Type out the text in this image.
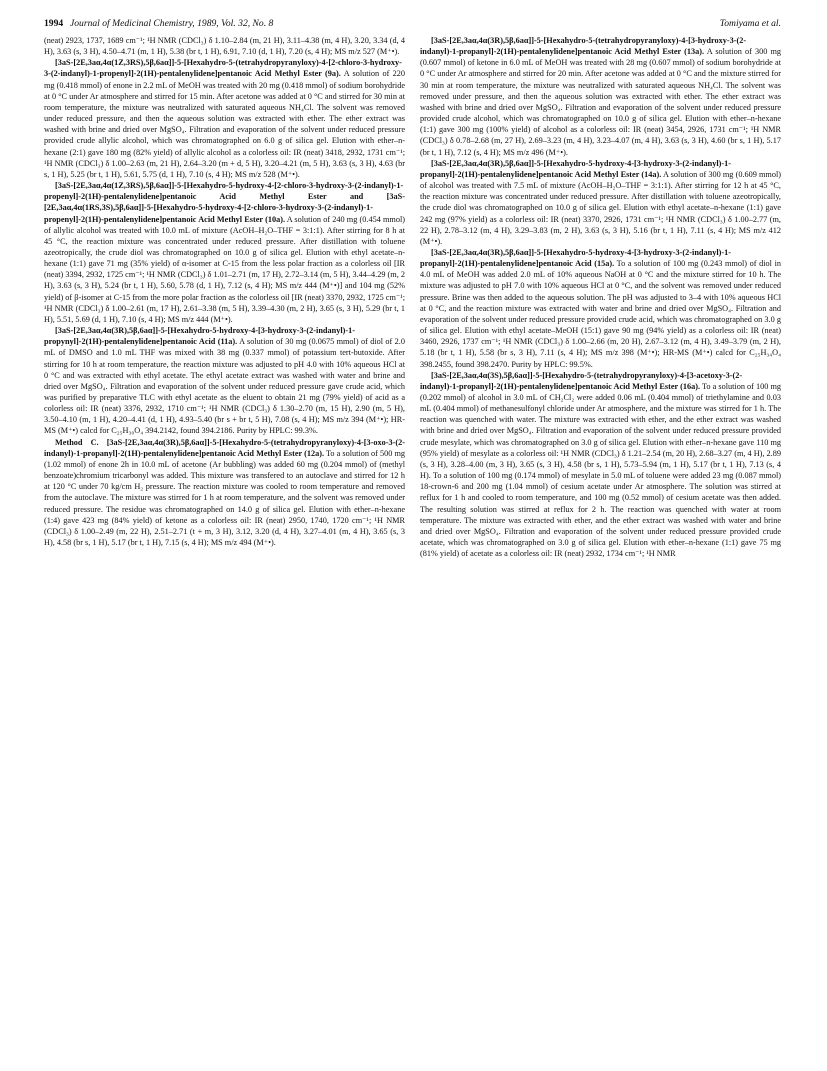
1994 Journal of Medicinal Chemistry, 1989, Vol. 32, No. 8	Tomiyama et al.

(neat) 2923, 1737, 1689 cm⁻¹; ¹H NMR (CDCl₃) δ 1.10–2.84 (m, 21 H), 3.11–4.38 (m, 4 H), 3.20, 3.34 (d, 4 H), 3.63 (s, 3 H), 4.50–4.71 (m, 1 H), 5.38 (br t, 1 H), 6.91, 7.10 (d, 1 H), 7.20 (s, 4 H); MS m/z 527 (M⁺•).

[3aS-[2E,3aα,4α(1Z,3RS),5β,6aα]]-5-[Hexahydro-5-(tetrahydropyranyloxy)-4-[2-chloro-3-hydroxy-3-(2-indanyl)-1-propenyl]-2(1H)-pentalenylidene]pentanoic Acid Methyl Ester (9a). A solution of 220 mg (0.418 mmol) of enone in 2.2 mL of MeOH was treated with 20 mg (0.418 mmol) of sodium borohydride at 0 °C under Ar atmosphere and stirred for 15 min. After acetone was added at 0 °C and stirred for 30 min at room temperature, the mixture was neutralized with saturated aqueous NH₄Cl. The solvent was removed under reduced pressure, and then the aqueous solution was extracted with ether. The ether extract was washed with brine and dried over MgSO₄. Filtration and evaporation of the solvent under reduced pressure provided crude allylic alcohol, which was chromatographed on 6.0 g of silica gel. Elution with ether–n-hexane (2:1) gave 180 mg (82% yield) of allylic alcohol as a colorless oil: IR (neat) 3418, 2932, 1731 cm⁻¹; ¹H NMR (CDCl₃) δ 1.00–2.63 (m, 21 H), 2.64–3.20 (m + d, 5 H), 3.20–4.21 (m, 5 H), 3.63 (s, 3 H), 4.63 (br s, 1 H), 5.25 (br t, 1 H), 5.61, 5.75 (d, 1 H), 7.10 (s, 4 H); MS m/z 528 (M⁺•).

[3aS-[2E,3aα,4α(1Z,3RS),5β,6aα]]-5-[Hexahydro-5-hydroxy-4-[2-chloro-3-hydroxy-3-(2-indanyl)-1-propenyl]-2(1H)-pentalenylidene]pentanoic Acid Methyl Ester and [3aS-[2E,3aα,4α(1RS,3S),5β,6aα]]-5-[Hexahydro-5-hydroxy-4-[2-chloro-3-hydroxy-3-(2-indanyl)-1-propenyl]-2(1H)-pentalenylidene]pentanoic Acid Methyl Ester (10a). A solution of 240 mg (0.454 mmol) of allylic alcohol was treated with 10.0 mL of mixture (AcOH–H₂O–THF = 3:1:1). After stirring for 8 h at 45 °C, the reaction mixture was concentrated under reduced pressure. After distillation with toluene azeotropically, the crude diol was chromatographed on 10.0 g of silica gel. Elution with ethyl acetate–n-hexane (1:1) gave 71 mg (35% yield) of α-isomer at C-15 from the less polar fraction as a colorless oil [IR (neat) 3394, 2932, 1725 cm⁻¹; ¹H NMR (CDCl₃) δ 1.01–2.71 (m, 17 H), 2.72–3.14 (m, 5 H), 3.44–4.29 (m, 2 H), 3.63 (s, 3 H), 5.24 (br t, 1 H), 5.60, 5.78 (d, 1 H), 7.12 (s, 4 H); MS m/z 444 (M⁺•)] and 104 mg (52% yield) of β-isomer at C-15 from the more polar fraction as the colorless oil [IR (neat) 3370, 2932, 1725 cm⁻¹; ¹H NMR (CDCl₃) δ 1.00–2.61 (m, 17 H), 2.61–3.38 (m, 5 H), 3.39–4.30 (m, 2 H), 3.65 (s, 3 H), 5.29 (br t, 1 H), 5.51, 5.69 (d, 1 H), 7.10 (s, 4 H); MS m/z 444 (M⁺•).

[3aS-[2E,3aα,4α(3R),5β,6aα]]-5-[Hexahydro-5-hydroxy-4-[3-hydroxy-3-(2-indanyl)-1-propynyl]-2(1H)-pentalenylidene]pentanoic Acid (11a). A solution of 30 mg (0.0675 mmol) of diol of 2.0 mL of DMSO and 1.0 mL THF was mixed with 38 mg (0.337 mmol) of potassium tert-butoxide. After stirring for 10 h at room temperature, the reaction mixture was adjusted to pH 4.0 with 10% aqueous HCl at 0 °C and was extracted with ethyl acetate. The ethyl acetate extract was washed with water and brine and dried over MgSO₄. Filtration and evaporation of the solvent under reduced pressure gave crude acid, which was purified by preparative TLC with ethyl acetate as the eluent to obtain 21 mg (79% yield) of acid as a colorless oil: IR (neat) 3376, 2932, 1710 cm⁻¹; ¹H NMR (CDCl₃) δ 1.30–2.70 (m, 15 H), 2.90 (m, 5 H), 3.50–4.10 (m, 1 H), 4.20–4.41 (d, 1 H), 4.93–5.40 (br s + br t, 5 H), 7.08 (s, 4 H); MS m/z 394 (M⁺•); HR-MS (M⁺•) calcd for C₂₅H₃₀O₄ 394.2142, found 394.2186. Purity by HPLC: 99.3%.

Method C. [3aS-[2E,3aα,4α(3R),5β,6aα]]-5-[Hexahydro-5-(tetrahydropyranyloxy)-4-[3-oxo-3-(2-indanyl)-1-propanyl]-2(1H)-pentalenylidene]pentanoic Acid Methyl Ester (12a). To a solution of 500 mg (1.02 mmol) of enone 2h in 10.0 mL of acetone (Ar bubbling) was added 60 mg (0.204 mmol) of (methyl benzoate)chromium tricarbonyl was added. This mixture was transfered to an autoclave and stirred for 12 h at 120 °C under 70 kg/cm H₂ pressure. The reaction mixture was cooled to room temperature and removed from the autoclave. The mixture was stirred for 1 h at room temperature, and the solvent was removed under reduced pressure. The residue was chromatographed on 14.0 g of silica gel. Elution with ether–n-hexane (1:4) gave 423 mg (84% yield) of ketone as a colorless oil: IR (neat) 2950, 1740, 1720 cm⁻¹; ¹H NMR (CDCl₃) δ 1.00–2.49 (m, 22 H), 2.51–2.71 (t + m, 3 H), 3.12, 3.20 (d, 4 H), 3.27–4.01 (m, 4 H), 3.65 (s, 3 H), 4.58 (br s, 1 H), 5.17 (br t, 1 H), 7.15 (s, 4 H); MS m/z 494 (M⁺•).

[3aS-[2E,3aα,4α(3R),5β,6aα]]-5-[Hexahydro-5-(tetrahydropyranyloxy)-4-[3-hydroxy-3-(2-indanyl)-1-propanyl]-2(1H)-pentalenylidene]pentanoic Acid Methyl Ester (13a). A solution of 300 mg (0.607 mmol) of ketone in 6.0 mL of MeOH was treated with 28 mg (0.607 mmol) of sodium borohydride at 0 °C under Ar atmosphere and stirred for 20 min. After acetone was added at 0 °C and the mixture stirred for 30 min at room temperature, the mixture was neutralized with saturated aqueous NH₄Cl. The solvent was removed under pressure, and then the aqueous solution was extracted with ether. The ether extract was washed with brine and dried over MgSO₄. Filtration and evaporation of the solvent under reduced pressure provided crude alcohol, which was chromatographed on 10.0 g of silica gel. Elution with ether–n-hexane (1:1) gave 300 mg (100% yield) of alcohol as a colorless oil: IR (neat) 3454, 2926, 1731 cm⁻¹; ¹H NMR (CDCl₃) δ 0.78–2.68 (m, 27 H), 2.69–3.23 (m, 4 H), 3.23–4.07 (m, 4 H), 3.63 (s, 3 H), 4.60 (br s, 1 H), 5.17 (br t, 1 H), 7.12 (s, 4 H); MS m/z 496 (M⁺•).

[3aS-[2E,3aα,4α(3R),5β,6aα]]-5-[Hexahydro-5-hydroxy-4-[3-hydroxy-3-(2-indanyl)-1-propanyl]-2(1H)-pentalenylidene]pentanoic Acid Methyl Ester (14a). A solution of 300 mg (0.609 mmol) of alcohol was treated with 7.5 mL of mixture (AcOH–H₂O–THF = 3:1:1). After stirring for 12 h at 45 °C, the reaction mixture was concentrated under reduced pressure. After distillation with toluene azeotropically, the crude diol was chromatographed on 10.0 g of silica gel. Elution with ethyl acetate–n-hexane (1:1) gave 242 mg (97% yield) as a colorless oil: IR (neat) 3370, 2926, 1731 cm⁻¹; ¹H NMR (CDCl₃) δ 1.00–2.77 (m, 22 H), 2.78–3.12 (m, 4 H), 3.29–3.83 (m, 2 H), 3.63 (s, 3 H), 5.16 (br t, 1 H), 7.11 (s, 4 H); MS m/z 412 (M⁺•).

[3aS-[2E,3aα,4α(3R),5β,6aα]]-5-[Hexahydro-5-hydroxy-4-[3-hydroxy-3-(2-indanyl)-1-propanyl]-2(1H)-pentalenylidene]pentanoic Acid (15a). To a solution of 100 mg (0.243 mmol) of diol in 4.0 mL of MeOH was added 2.0 mL of 10% aqueous NaOH at 0 °C and the mixture stirred for 10 h. The mixture was adjusted to pH 7.0 with 10% aqueous HCl at 0 °C, and the solvent was removed under reduced pressure. Brine was then added to the aqueous solution. The pH was adjusted to 3–4 with 10% aqueous HCl at 0 °C, and the reaction mixture was extracted with water and brine and dried over MgSO₄. Filtration and evaporation of the solvent under reduced pressure provided crude acid, which was chromatographed on 3.0 g of silica gel. Elution with ethyl acetate–MeOH (15:1) gave 90 mg (94% yield) as a colorless oil: IR (neat) 3460, 2926, 1737 cm⁻¹; ¹H NMR (CDCl₃) δ 1.00–2.66 (m, 20 H), 2.67–3.12 (m, 4 H), 3.49–3.79 (m, 2 H), 5.18 (br t, 1 H), 5.58 (br s, 3 H), 7.11 (s, 4 H); MS m/z 398 (M⁺•); HR-MS (M⁺•) calcd for C₂₅H₃₄O₄ 398.2455, found 398.2470. Purity by HPLC: 99.5%.

[3aS-[2E,3aα,4α(3S),5β,6aα]]-5-[Hexahydro-5-(tetrahydropyranyloxy)-4-[3-acetoxy-3-(2-indanyl)-1-propanyl]-2(1H)-pentalenylidene]pentanoic Acid Methyl Ester (16a). To a solution of 100 mg (0.202 mmol) of alcohol in 3.0 mL of CH₂Cl₂ were added 0.06 mL (0.404 mmol) of triethylamine and 0.03 mL (0.404 mmol) of methanesulfonyl chloride under Ar atmosphere, and the mixture was stirred for 1 h. The reaction was quenched with water. The mixture was extracted with ether, and the ether extract was washed with brine and dried over MgSO₄. Filtration and evaporation of the solvent under reduced pressure provided crude mesylate, which was chromatographed on 3.0 g of silica gel. Elution with ether–n-hexane gave 110 mg (95% yield) of mesylate as a colorless oil: ¹H NMR (CDCl₃) δ 1.21–2.54 (m, 20 H), 2.68–3.27 (m, 4 H), 2.89 (s, 3 H), 3.28–4.00 (m, 3 H), 3.65 (s, 3 H), 4.58 (br s, 1 H), 5.73–5.94 (m, 1 H), 5.17 (br t, 1 H), 7.13 (s, 4 H). To a solution of 100 mg (0.174 mmol) of mesylate in 5.0 mL of toluene were added 23 mg (0.087 mmol) 18-crown-6 and 200 mg (1.04 mmol) of cesium acetate under Ar atmosphere. The solution was stirred at reflux for 1 h and cooled to room temperature, and 100 mg (0.52 mmol) of cesium acetate was then added. The resulting solution was stirred at reflux for 2 h. The reaction was quenched with water at room temperature. The mixture was extracted with ether, and the ether extract was washed with water and brine and dried over MgSO₄. Filtration and evaporation of the solvent under reduced pressure provided crude acetate, which was chromatographed on 3.0 g of silica gel. Elution with ether–n-hexane (1:1) gave 75 mg (81% yield) of acetate as a colorless oil: IR (neat) 2932, 1734 cm⁻¹; ¹H NMR
